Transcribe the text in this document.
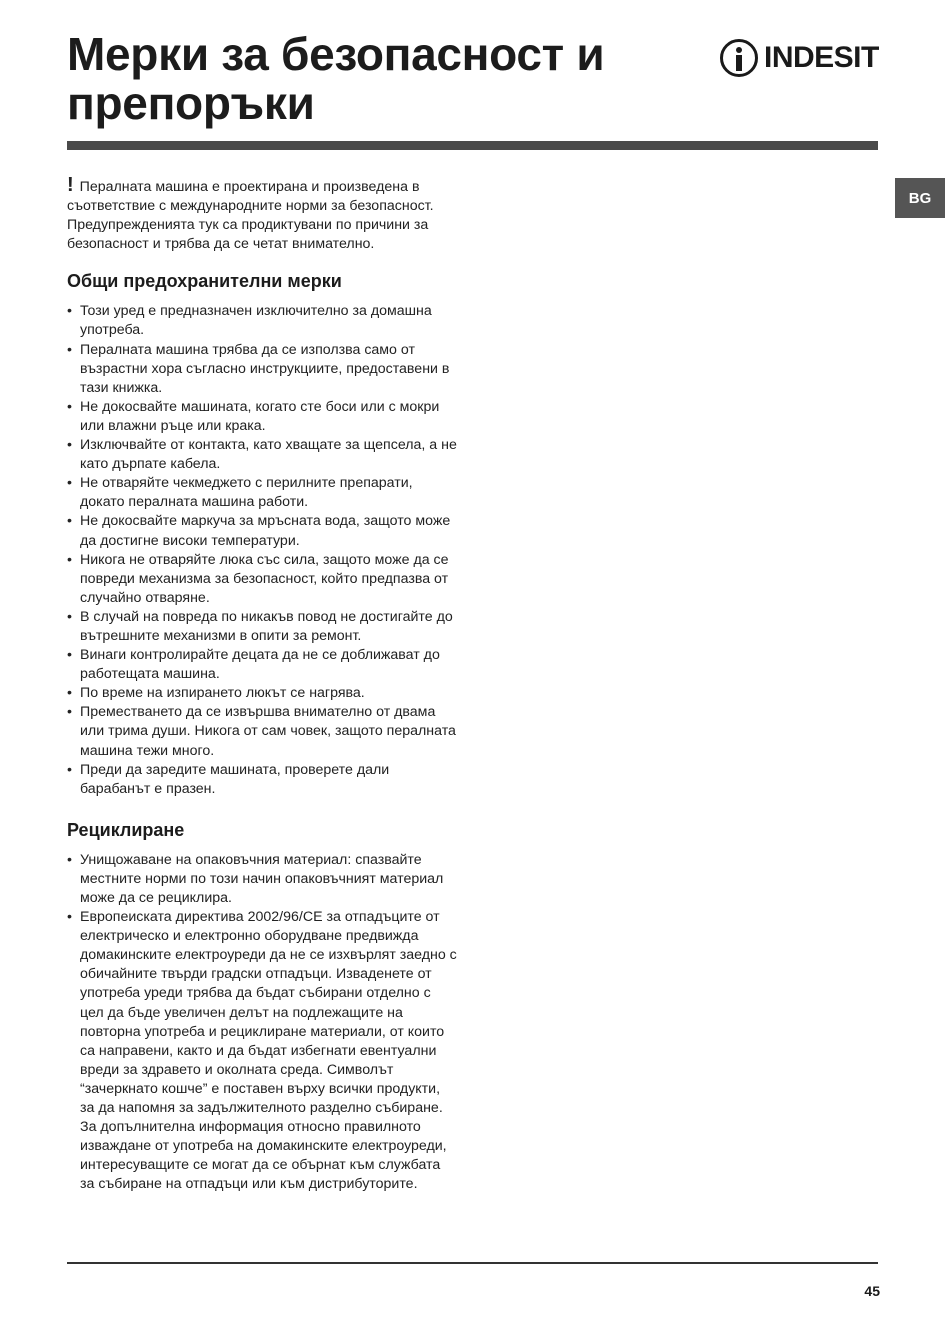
Мерки за безопасност и препоръки
INDESIT
BG

! Пералната машина е проектирана и произведена в съответствие с международните норми за безопасност. Предупрежденията тук са продиктувани по причини за безопасност и трябва да се четат внимателно.

Общи предохранителни мерки
• Този уред е предназначен изключително за домашна употреба.
• Пералната машина трябва да се използва само от възрастни хора съгласно инструкциите, предоставени в тази книжка.
• Не докосвайте машината, когато сте боси или с мокри или влажни ръце или крака.
• Изключвайте от контакта, като хващате за щепсела, а не като дърпате кабела.
• Не отваряйте чекмеджето с перилните препарати, докато пералната машина работи.
• Не докосвайте маркуча за мръсната вода, защото може да достигне високи температури.
• Никога не отваряйте люка със сила, защото може да се повреди механизма за безопасност, който предпазва от случайно отваряне.
• В случай на повреда по никакъв повод не достигайте до вътрешните механизми в опити за ремонт.
• Винаги контролирайте децата да не се доближават до работещата машина.
• По време на изпирането люкът се нагрява.
• Преместването да се извършва внимателно от двама или трима души. Никога от сам човек, защото пералната машина тежи много.
• Преди да заредите машината, проверете дали барабанът е празен.
Рециклиране
• Унищожаване на опаковъчния материал: спазвайте местните норми по този начин опаковъчният материал може да се рециклира.
• Европеиската директива 2002/96/CE за отпадъците от електрическо и електронно оборудване предвижда домакинските електроуреди да не се изхвърлят заедно с обичайните твърди градски отпадъци. Изваденете от употреба уреди трябва да бъдат събирани отделно с цел да бъде увеличен делът на подлежащите на повторна употреба и рециклиране материали, от които са направени, както и да бъдат избегнати евентуални вреди за здравето и околната среда. Символът “зачеркнато кошче” е поставен върху всички продукти, за да напомня за задължителното разделно събиране. За допълнителна информация относно правилното изваждане от употреба на домакинските електроуреди, интересуващите се могат да се обърнат към службата за събиране на отпадъци или към дистрибуторите.
45
